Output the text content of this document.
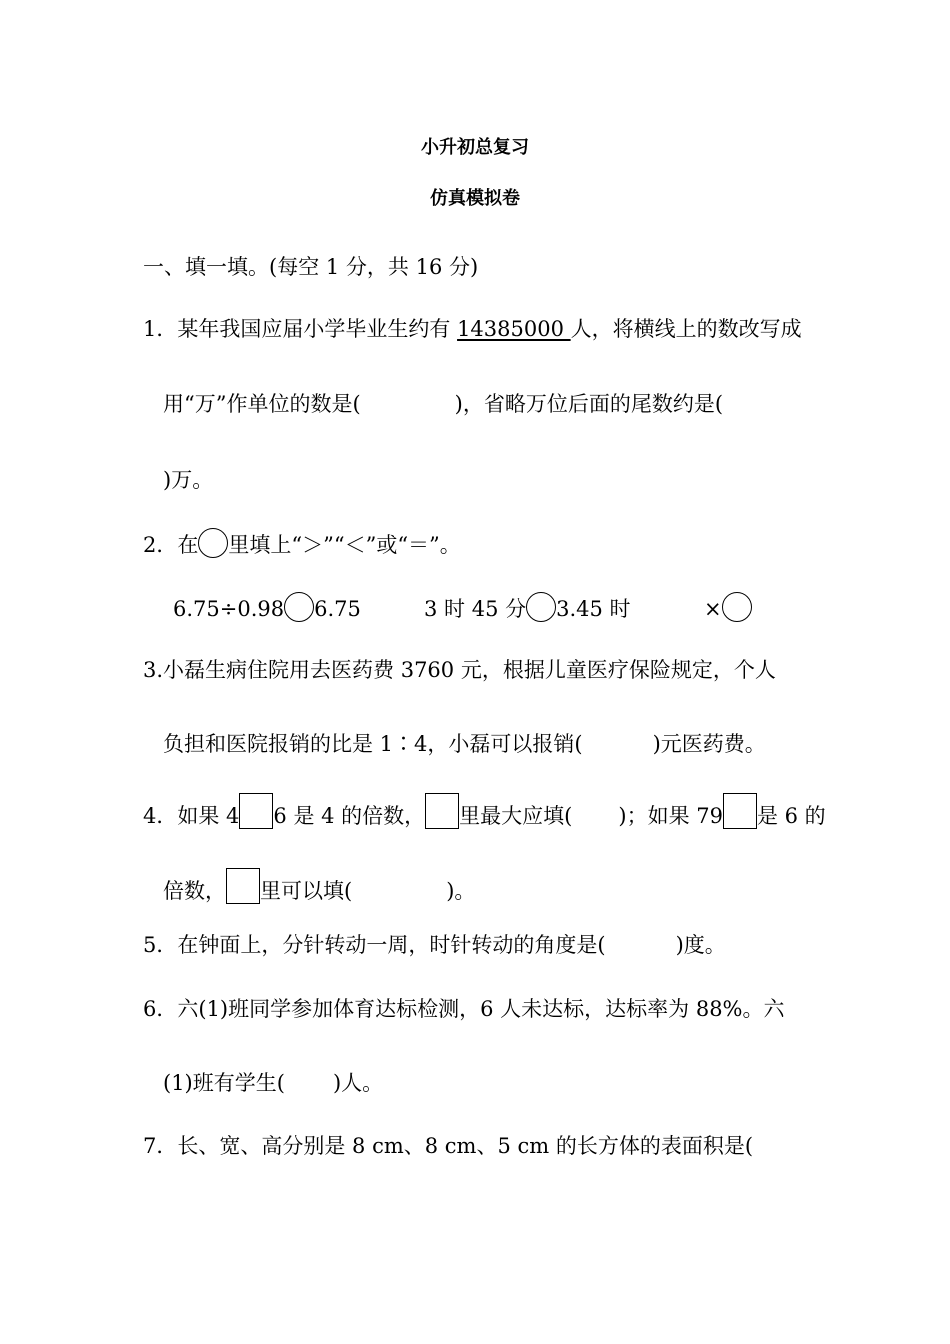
小升初总复习
仿真模拟卷
一、填一填。(每空 1 分，共 16 分)
1．某年我国应届小学毕业生约有 14385000 人，将横线上的数改写成
用“万”作单位的数是(	)，省略万位后面的尾数约是(
)万。
2．在 里填上“＞”“＜”或“＝”。
6.75÷0.98 6.75	3 时 45 分 3.45 时	×
3.小磊生病住院用去医药费 3760 元，根据儿童医疗保险规定，个人
负担和医院报销的比是 1∶4，小磊可以报销(	)元医药费。
4．如果 4 6 是 4 的倍数， 里最大应填( )；如果 79 是 6 的
倍数， 里可以填(	)。
5．在钟面上，分针转动一周，时针转动的角度是(	)度。
6．六(1)班同学参加体育达标检测，6 人未达标，达标率为 88%。六
(1)班有学生( )人。
7．长、宽、高分别是 8 cm、8 cm、5 cm 的长方体的表面积是(
